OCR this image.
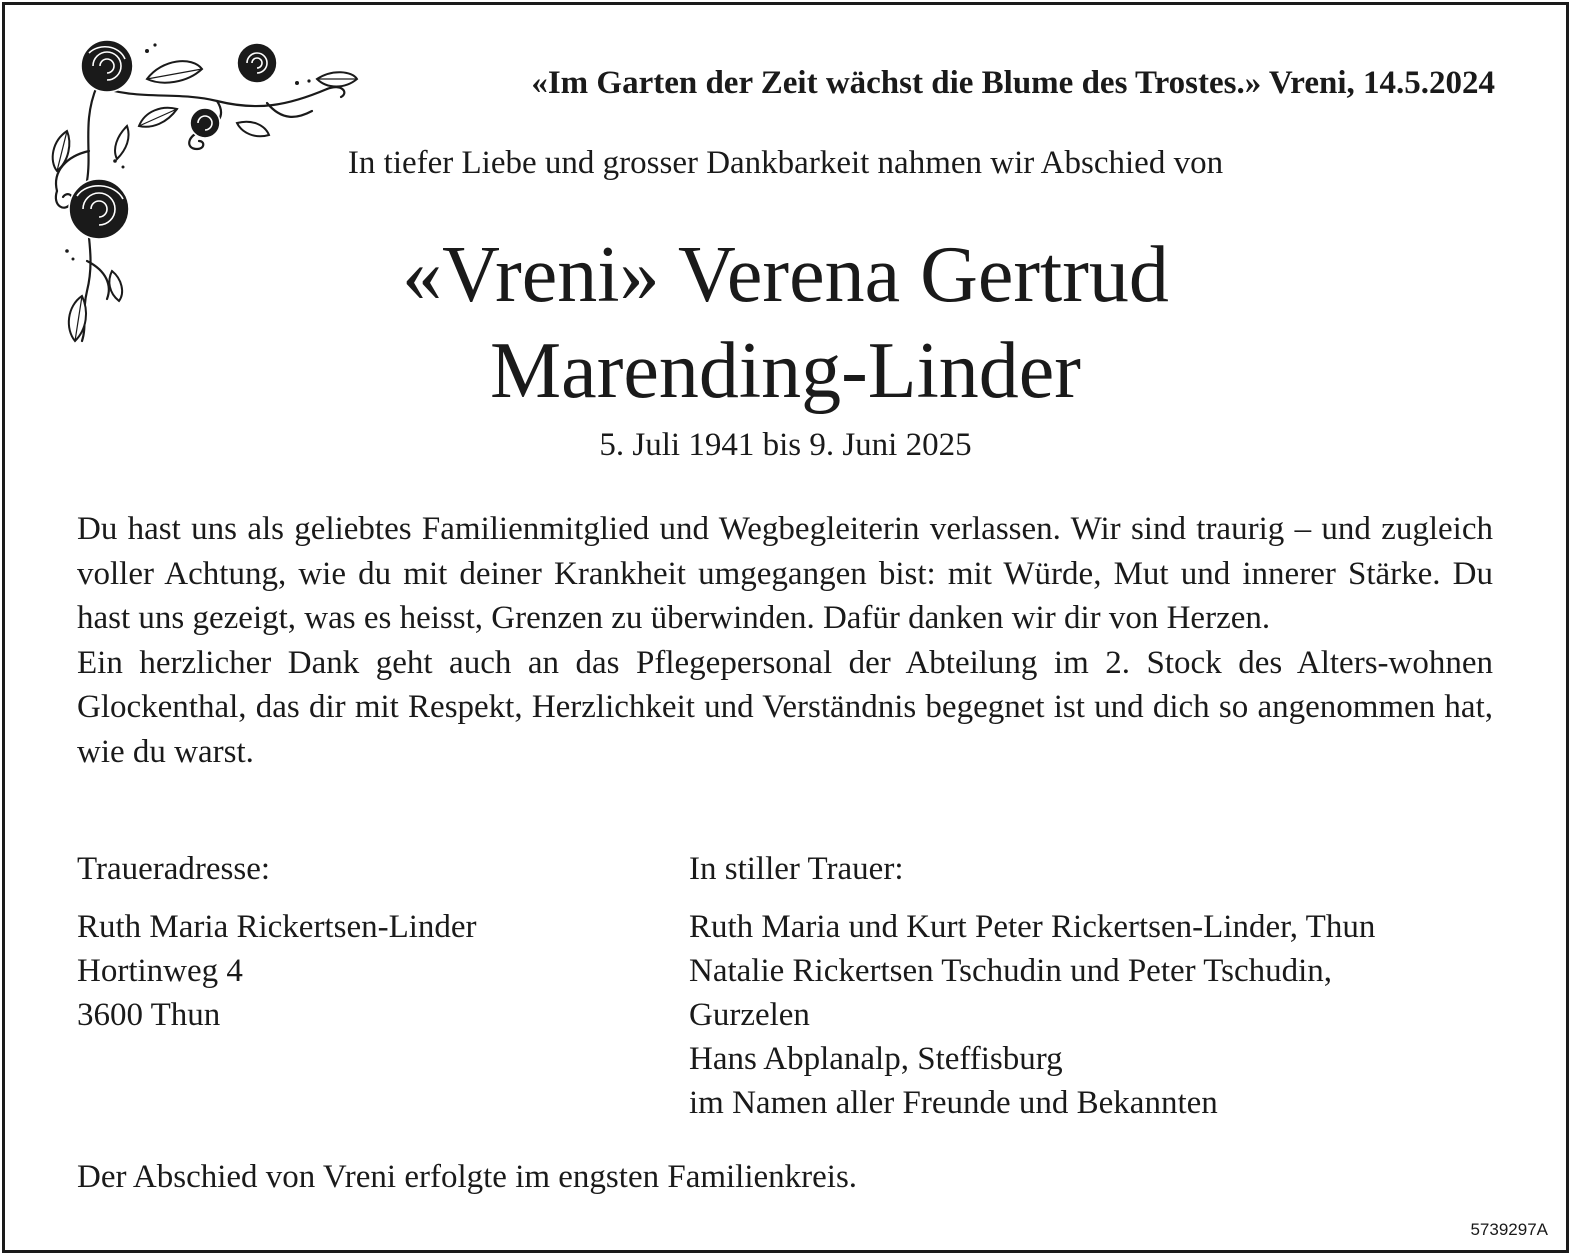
«Im Garten der Zeit wächst die Blume des Trostes.» Vreni, 14.5.2024
In tiefer Liebe und grosser Dankbarkeit nahmen wir Abschied von
«Vreni» Verena Gertrud
Marending-Linder
5. Juli 1941 bis 9. Juni 2025

Du hast uns als geliebtes Familienmitglied und Wegbegleiterin verlassen. Wir sind traurig – und zugleich voller Achtung, wie du mit deiner Krankheit umgegangen bist: mit Würde, Mut und innerer Stärke. Du hast uns gezeigt, was es heisst, Grenzen zu überwinden. Dafür danken wir dir von Herzen.

Ein herzlicher Dank geht auch an das Pflegepersonal der Abteilung im 2. Stock des Alters-wohnen Glockenthal, das dir mit Respekt, Herzlichkeit und Verständnis begegnet ist und dich so angenommen hat, wie du warst.

Traueradresse:
Ruth Maria Rickertsen-Linder
Hortinweg 4
3600 Thun
In stiller Trauer:
Ruth Maria und Kurt Peter Rickertsen-Linder, Thun
Natalie Rickertsen Tschudin und Peter Tschudin,
Gurzelen
Hans Abplanalp, Steffisburg
im Namen aller Freunde und Bekannten
Der Abschied von Vreni erfolgte im engsten Familienkreis.
5739297A
